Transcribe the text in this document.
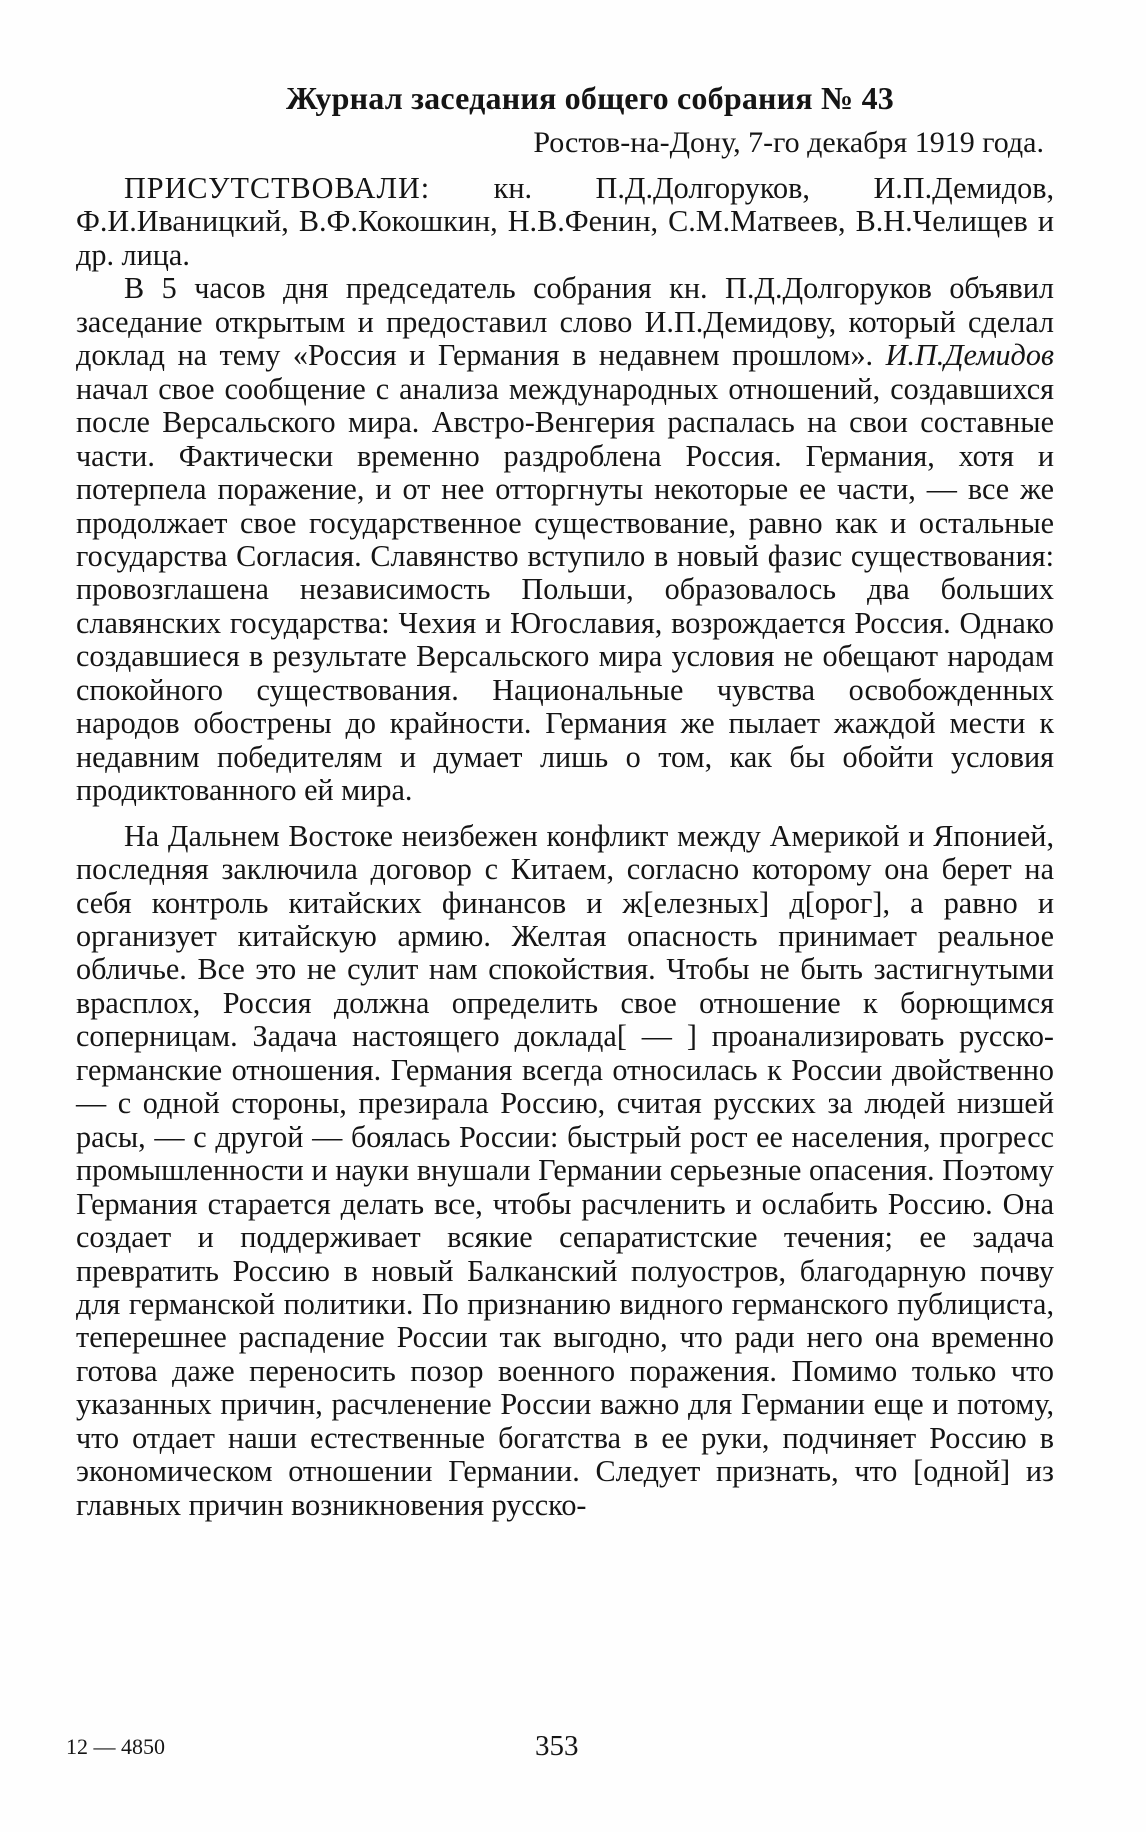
Журнал заседания общего собрания № 43
Ростов-на-Дону, 7-го декабря 1919 года.

ПРИСУТСТВОВАЛИ: кн. П.Д.Долгоруков, И.П.Демидов, Ф.И.Иваницкий, В.Ф.Кокошкин, Н.В.Фенин, С.М.Матвеев, В.Н.Челищев и др. лица.

В 5 часов дня председатель собрания кн. П.Д.Долгоруков объявил заседание открытым и предоставил слово И.П.Демидову, который сделал доклад на тему «Россия и Германия в недавнем прошлом». И.П.Демидов начал свое сообщение с анализа международных отношений, создавшихся после Версальского мира. Австро-Венгерия распалась на свои составные части. Фактически временно раздроблена Россия. Германия, хотя и потерпела поражение, и от нее отторгнуты некоторые ее части, — все же продолжает свое государственное существование, равно как и остальные государства Согласия. Славянство вступило в новый фазис существования: провозглашена независимость Польши, образовалось два больших славянских государства: Чехия и Югославия, возрождается Россия. Однако создавшиеся в результате Версальского мира условия не обещают народам спокойного существования. Национальные чувства освобожденных народов обострены до крайности. Германия же пылает жаждой мести к недавним победителям и думает лишь о том, как бы обойти условия продиктованного ей мира.

На Дальнем Востоке неизбежен конфликт между Америкой и Японией, последняя заключила договор с Китаем, согласно которому она берет на себя контроль китайских финансов и ж[елезных] д[орог], а равно и организует китайскую армию. Желтая опасность принимает реальное обличье. Все это не сулит нам спокойствия. Чтобы не быть застигнутыми врасплох, Россия должна определить свое отношение к борющимся соперницам. Задача настоящего доклада[ — ] проанализировать русско-германские отношения. Германия всегда относилась к России двойственно — с одной стороны, презирала Россию, считая русских за людей низшей расы, — с другой — боялась России: быстрый рост ее населения, прогресс промышленности и науки внушали Германии серьезные опасения. Поэтому Германия старается делать все, чтобы расчленить и ослабить Россию. Она создает и поддерживает всякие сепаратистские течения; ее задача превратить Россию в новый Балканский полуостров, благодарную почву для германской политики. По признанию видного германского публициста, теперешнее распадение России так выгодно, что ради него она временно готова даже переносить позор военного поражения. Помимо только что указанных причин, расчленение России важно для Германии еще и потому, что отдает наши естественные богатства в ее руки, подчиняет Россию в экономическом отношении Германии. Следует признать, что [одной] из главных причин возникновения русско-

12 — 4850	353
